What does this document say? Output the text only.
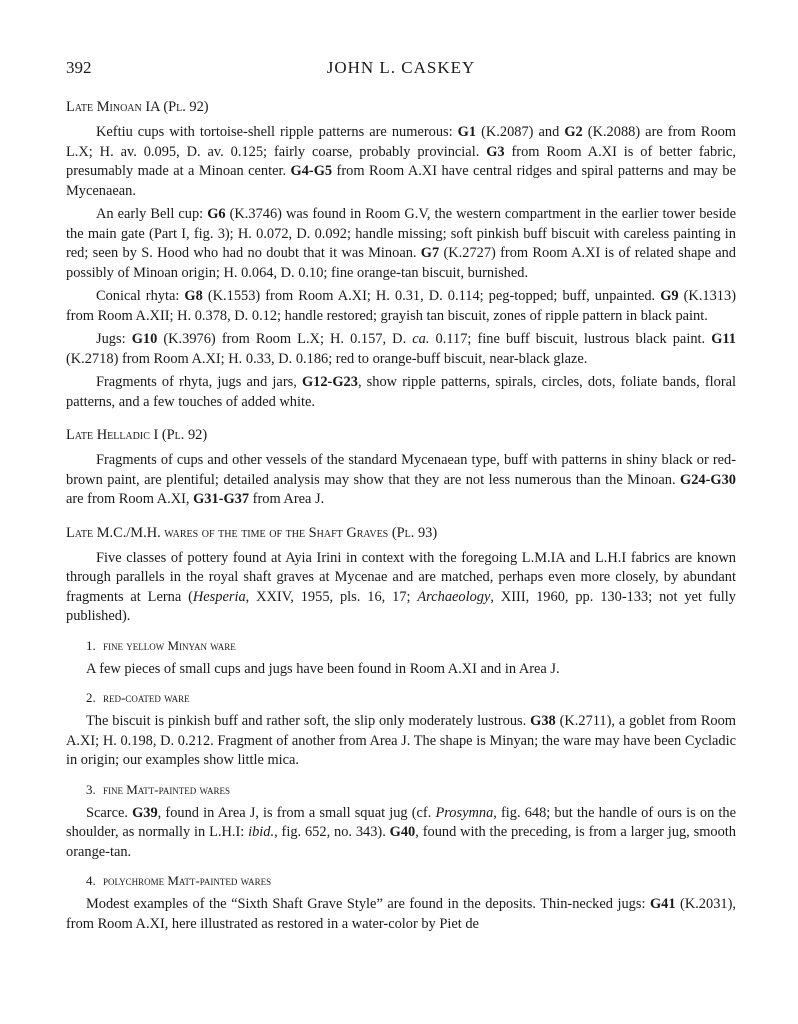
392	JOHN L. CASKEY
Late Minoan IA (Pl. 92)

Keftiu cups with tortoise-shell ripple patterns are numerous: G1 (K.2087) and G2 (K.2088) are from Room L.X; H. av. 0.095, D. av. 0.125; fairly coarse, probably provincial. G3 from Room A.XI is of better fabric, presumably made at a Minoan center. G4-G5 from Room A.XI have central ridges and spiral patterns and may be Mycenaean.

An early Bell cup: G6 (K.3746) was found in Room G.V, the western compartment in the earlier tower beside the main gate (Part I, fig. 3); H. 0.072, D. 0.092; handle missing; soft pinkish buff biscuit with careless painting in red; seen by S. Hood who had no doubt that it was Minoan. G7 (K.2727) from Room A.XI is of related shape and possibly of Minoan origin; H. 0.064, D. 0.10; fine orange-tan biscuit, burnished.

Conical rhyta: G8 (K.1553) from Room A.XI; H. 0.31, D. 0.114; peg-topped; buff, unpainted. G9 (K.1313) from Room A.XII; H. 0.378, D. 0.12; handle restored; grayish tan biscuit, zones of ripple pattern in black paint.

Jugs: G10 (K.3976) from Room L.X; H. 0.157, D. ca. 0.117; fine buff biscuit, lustrous black paint. G11 (K.2718) from Room A.XI; H. 0.33, D. 0.186; red to orange-buff biscuit, near-black glaze.

Fragments of rhyta, jugs and jars, G12-G23, show ripple patterns, spirals, circles, dots, foliate bands, floral patterns, and a few touches of added white.

Late Helladic I (Pl. 92)

Fragments of cups and other vessels of the standard Mycenaean type, buff with patterns in shiny black or red-brown paint, are plentiful; detailed analysis may show that they are not less numerous than the Minoan. G24-G30 are from Room A.XI, G31-G37 from Area J.

Late M.C./M.H. wares of the time of the Shaft Graves (Pl. 93)

Five classes of pottery found at Ayia Irini in context with the foregoing L.M.IA and L.H.I fabrics are known through parallels in the royal shaft graves at Mycenae and are matched, perhaps even more closely, by abundant fragments at Lerna (Hesperia, XXIV, 1955, pls. 16, 17; Archaeology, XIII, 1960, pp. 130-133; not yet fully published).

1. fine yellow Minyan ware

A few pieces of small cups and jugs have been found in Room A.XI and in Area J.

2. red-coated ware

The biscuit is pinkish buff and rather soft, the slip only moderately lustrous. G38 (K.2711), a goblet from Room A.XI; H. 0.198, D. 0.212. Fragment of another from Area J. The shape is Minyan; the ware may have been Cycladic in origin; our examples show little mica.

3. fine Matt-painted wares

Scarce. G39, found in Area J, is from a small squat jug (cf. Prosymna, fig. 648; but the handle of ours is on the shoulder, as normally in L.H.I: ibid., fig. 652, no. 343). G40, found with the preceding, is from a larger jug, smooth orange-tan.

4. polychrome Matt-painted wares

Modest examples of the “Sixth Shaft Grave Style” are found in the deposits. Thin-necked jugs: G41 (K.2031), from Room A.XI, here illustrated as restored in a water-color by Piet de
